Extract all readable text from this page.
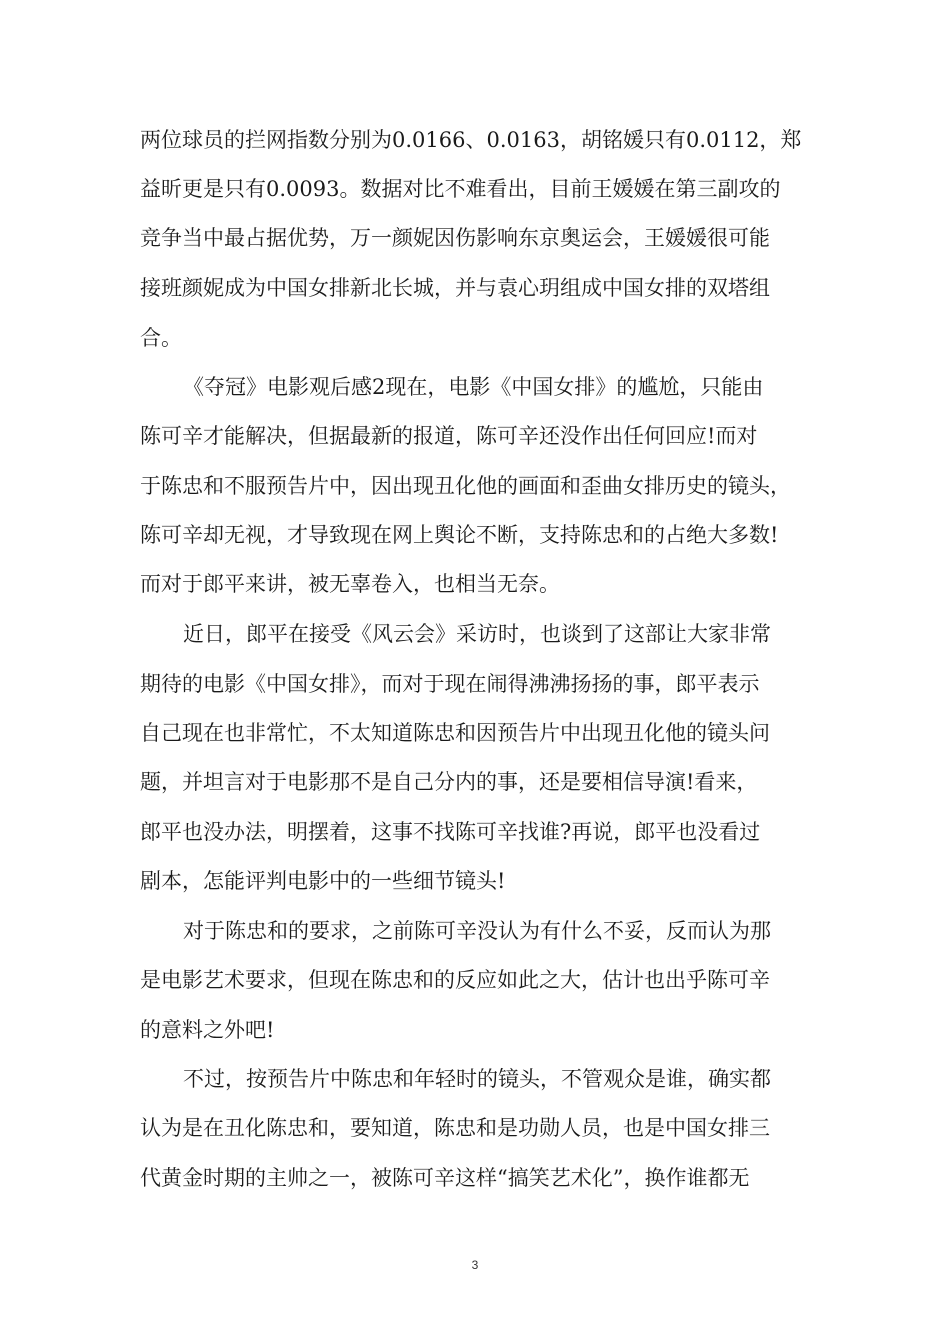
两位球员的拦网指数分别为0.0166、0.0163，胡铭媛只有0.0112，郑
益昕更是只有0.0093。数据对比不难看出，目前王媛媛在第三副攻的
竞争当中最占据优势，万一颜妮因伤影响东京奥运会，王媛媛很可能
接班颜妮成为中国女排新北长城，并与袁心玥组成中国女排的双塔组
合。
《夺冠》电影观后感2现在，电影《中国女排》的尴尬，只能由
陈可辛才能解决，但据最新的报道，陈可辛还没作出任何回应!而对
于陈忠和不服预告片中，因出现丑化他的画面和歪曲女排历史的镜头，
陈可辛却无视，才导致现在网上舆论不断，支持陈忠和的占绝大多数!
而对于郎平来讲，被无辜卷入，也相当无奈。
近日，郎平在接受《风云会》采访时，也谈到了这部让大家非常
期待的电影《中国女排》，而对于现在闹得沸沸扬扬的事，郎平表示
自己现在也非常忙，不太知道陈忠和因预告片中出现丑化他的镜头问
题，并坦言对于电影那不是自己分内的事，还是要相信导演!看来，
郎平也没办法，明摆着，这事不找陈可辛找谁?再说，郎平也没看过
剧本，怎能评判电影中的一些细节镜头!
对于陈忠和的要求，之前陈可辛没认为有什么不妥，反而认为那
是电影艺术要求，但现在陈忠和的反应如此之大，估计也出乎陈可辛
的意料之外吧!
不过，按预告片中陈忠和年轻时的镜头，不管观众是谁，确实都
认为是在丑化陈忠和，要知道，陈忠和是功勋人员，也是中国女排三
代黄金时期的主帅之一，被陈可辛这样“搞笑艺术化”，换作谁都无
3
